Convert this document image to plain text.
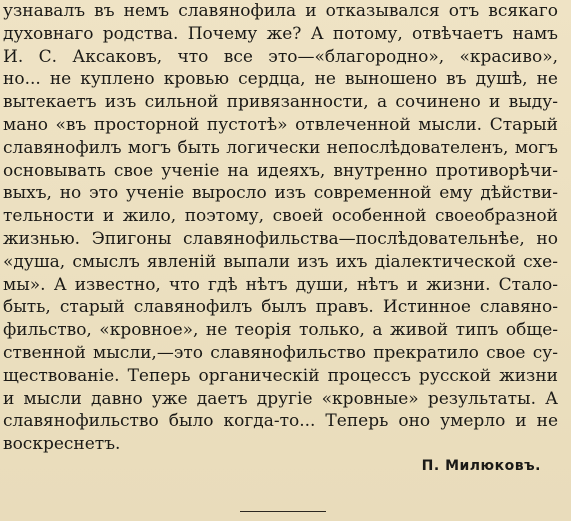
узнавалъ въ немъ славянофила и отказывался отъ всякаго
духовнаго родства. Почему же? А потому, отвѣчаетъ намъ
И. С. Аксаковъ, что все это—«благородно», «красиво»,
но... не куплено кровью сердца, не выношено въ душѣ, не
вытекаетъ изъ сильной привязанности, а сочинено и выду-
мано «въ просторной пустотѣ» отвлеченной мысли. Старый
славянофилъ могъ быть логически непослѣдователенъ, могъ
основывать свое ученіе на идеяхъ, внутренно противорѣчи-
выхъ, но это ученіе выросло изъ современной ему дѣйстви-
тельности и жило, поэтому, своей особенной своеобразной
жизнью. Эпигоны славянофильства—послѣдовательнѣе, но
«душа, смыслъ явленій выпали изъ ихъ діалектической схе-
мы». А известно, что гдѣ нѣтъ души, нѣтъ и жизни. Стало-
быть, старый славянофилъ былъ правъ. Истинное славяно-
фильство, «кровное», не теорія только, а живой типъ обще-
ственной мысли,—это славянофильство прекратило свое су-
ществованіе. Теперь органическій процессъ русской жизни
и мысли давно уже даетъ другіе «кровные» результаты. А
славянофильство было когда-то... Теперь оно умерло и не
воскреснетъ.
П. Милюковъ.
